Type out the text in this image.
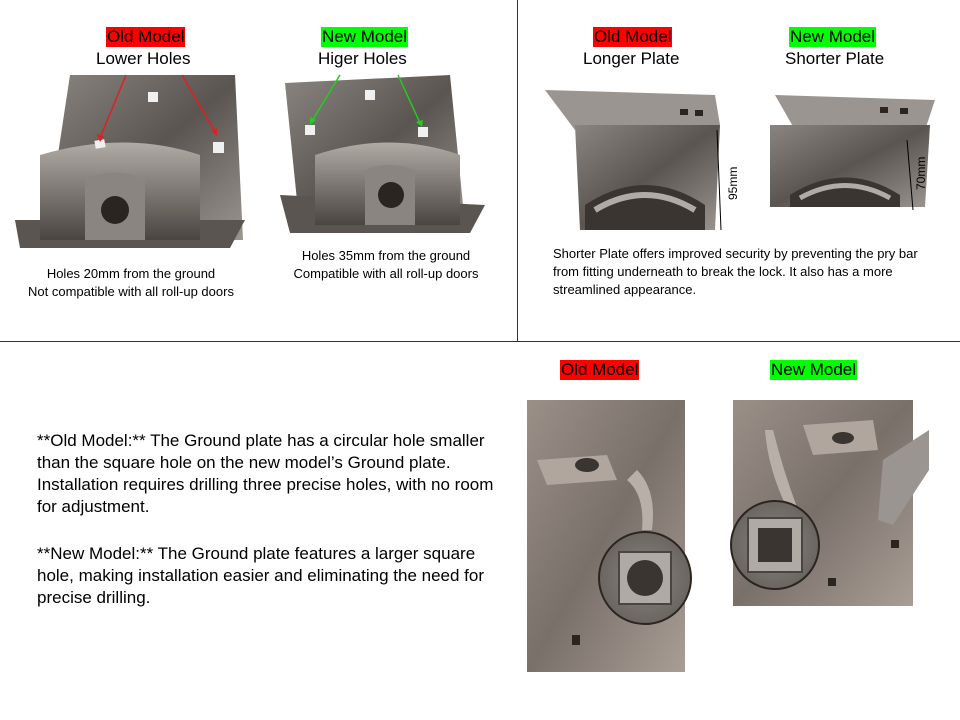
Old Model
Lower Holes
New Model
Higer Holes
Holes 20mm from the ground
Not compatible with all roll-up doors
Holes 35mm from the ground
Compatible with all roll-up doors
Old Model
Longer Plate
New Model
Shorter Plate
95mm	70mm
Shorter Plate offers improved security by preventing the pry bar from fitting underneath to break the lock. It also has a more streamlined appearance.
**Old Model:** The Ground plate has a circular hole smaller than the square hole on the new model’s Ground plate. Installation requires drilling three precise holes, with no room for adjustment.
**New Model:** The Ground plate features a larger square hole, making installation easier and eliminating the need for precise drilling.
Old Model	New Model
